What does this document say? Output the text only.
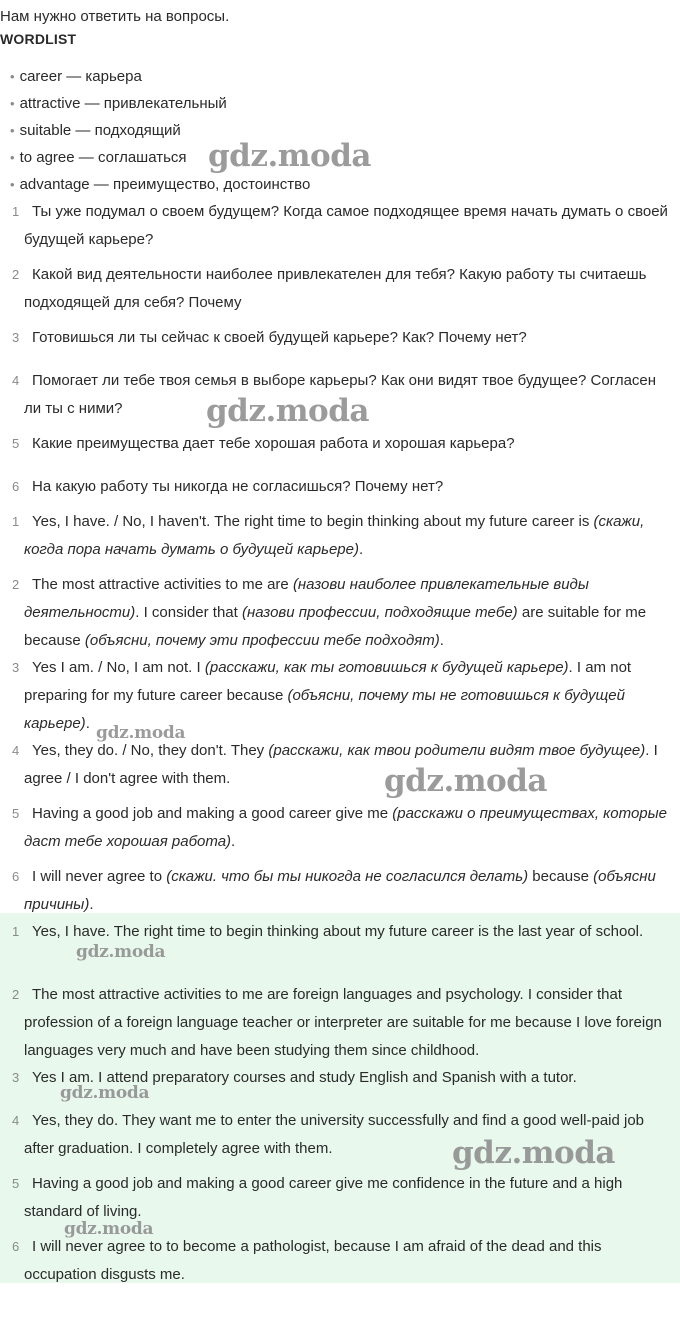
Нам нужно ответить на вопросы.
WORDLIST
• career — карьера
• attractive — привлекательный
• suitable — подходящий
• to agree — соглашаться
• advantage — преимущество, достоинство
1 Ты уже подумал о своем будущем? Когда самое подходящее время начать думать о своей будущей карьере?
2 Какой вид деятельности наиболее привлекателен для тебя? Какую работу ты считаешь подходящей для себя? Почему
3 Готовишься ли ты сейчас к своей будущей карьере? Как? Почему нет?
4 Помогает ли тебе твоя семья в выборе карьеры? Как они видят твое будущее? Согласен ли ты с ними?
5 Какие преимущества дает тебе хорошая работа и хорошая карьера?
6 На какую работу ты никогда не согласишься? Почему нет?
1 Yes, I have. / No, I haven't. The right time to begin thinking about my future career is (скажи, когда пора начать думать о будущей карьере).
2 The most attractive activities to me are (назови наиболее привлекательные виды деятельности). I consider that (назови профессии, подходящие тебе) are suitable for me because (объясни, почему эти профессии тебе подходят).
3 Yes I am. / No, I am not. I (расскажи, как ты готовишься к будущей карьере). I am not preparing for my future career because (объясни, почему ты не готовишься к будущей карьере).
4 Yes, they do. / No, they don't. They (расскажи, как твои родители видят твое будущее). I agree / I don't agree with them.
5 Having a good job and making a good career give me (расскажи о преимуществах, которые даст тебе хорошая работа).
6 I will never agree to (скажи. что бы ты никогда не согласился делать) because (объясни причины).
1 Yes, I have. The right time to begin thinking about my future career is the last year of school.
2 The most attractive activities to me are foreign languages and psychology. I consider that profession of a foreign language teacher or interpreter are suitable for me because I love foreign languages very much and have been studying them since childhood.
3 Yes I am. I attend preparatory courses and study English and Spanish with a tutor.
4 Yes, they do. They want me to enter the university successfully and find a good well-paid job after graduation. I completely agree with them.
5 Having a good job and making a good career give me confidence in the future and a high standard of living.
6 I will never agree to to become a pathologist, because I am afraid of the dead and this occupation disgusts me.
gdz.moda
gdz.moda
gdz.moda
gdz.moda
gdz.moda
gdz.moda
gdz.moda
gdz.moda
